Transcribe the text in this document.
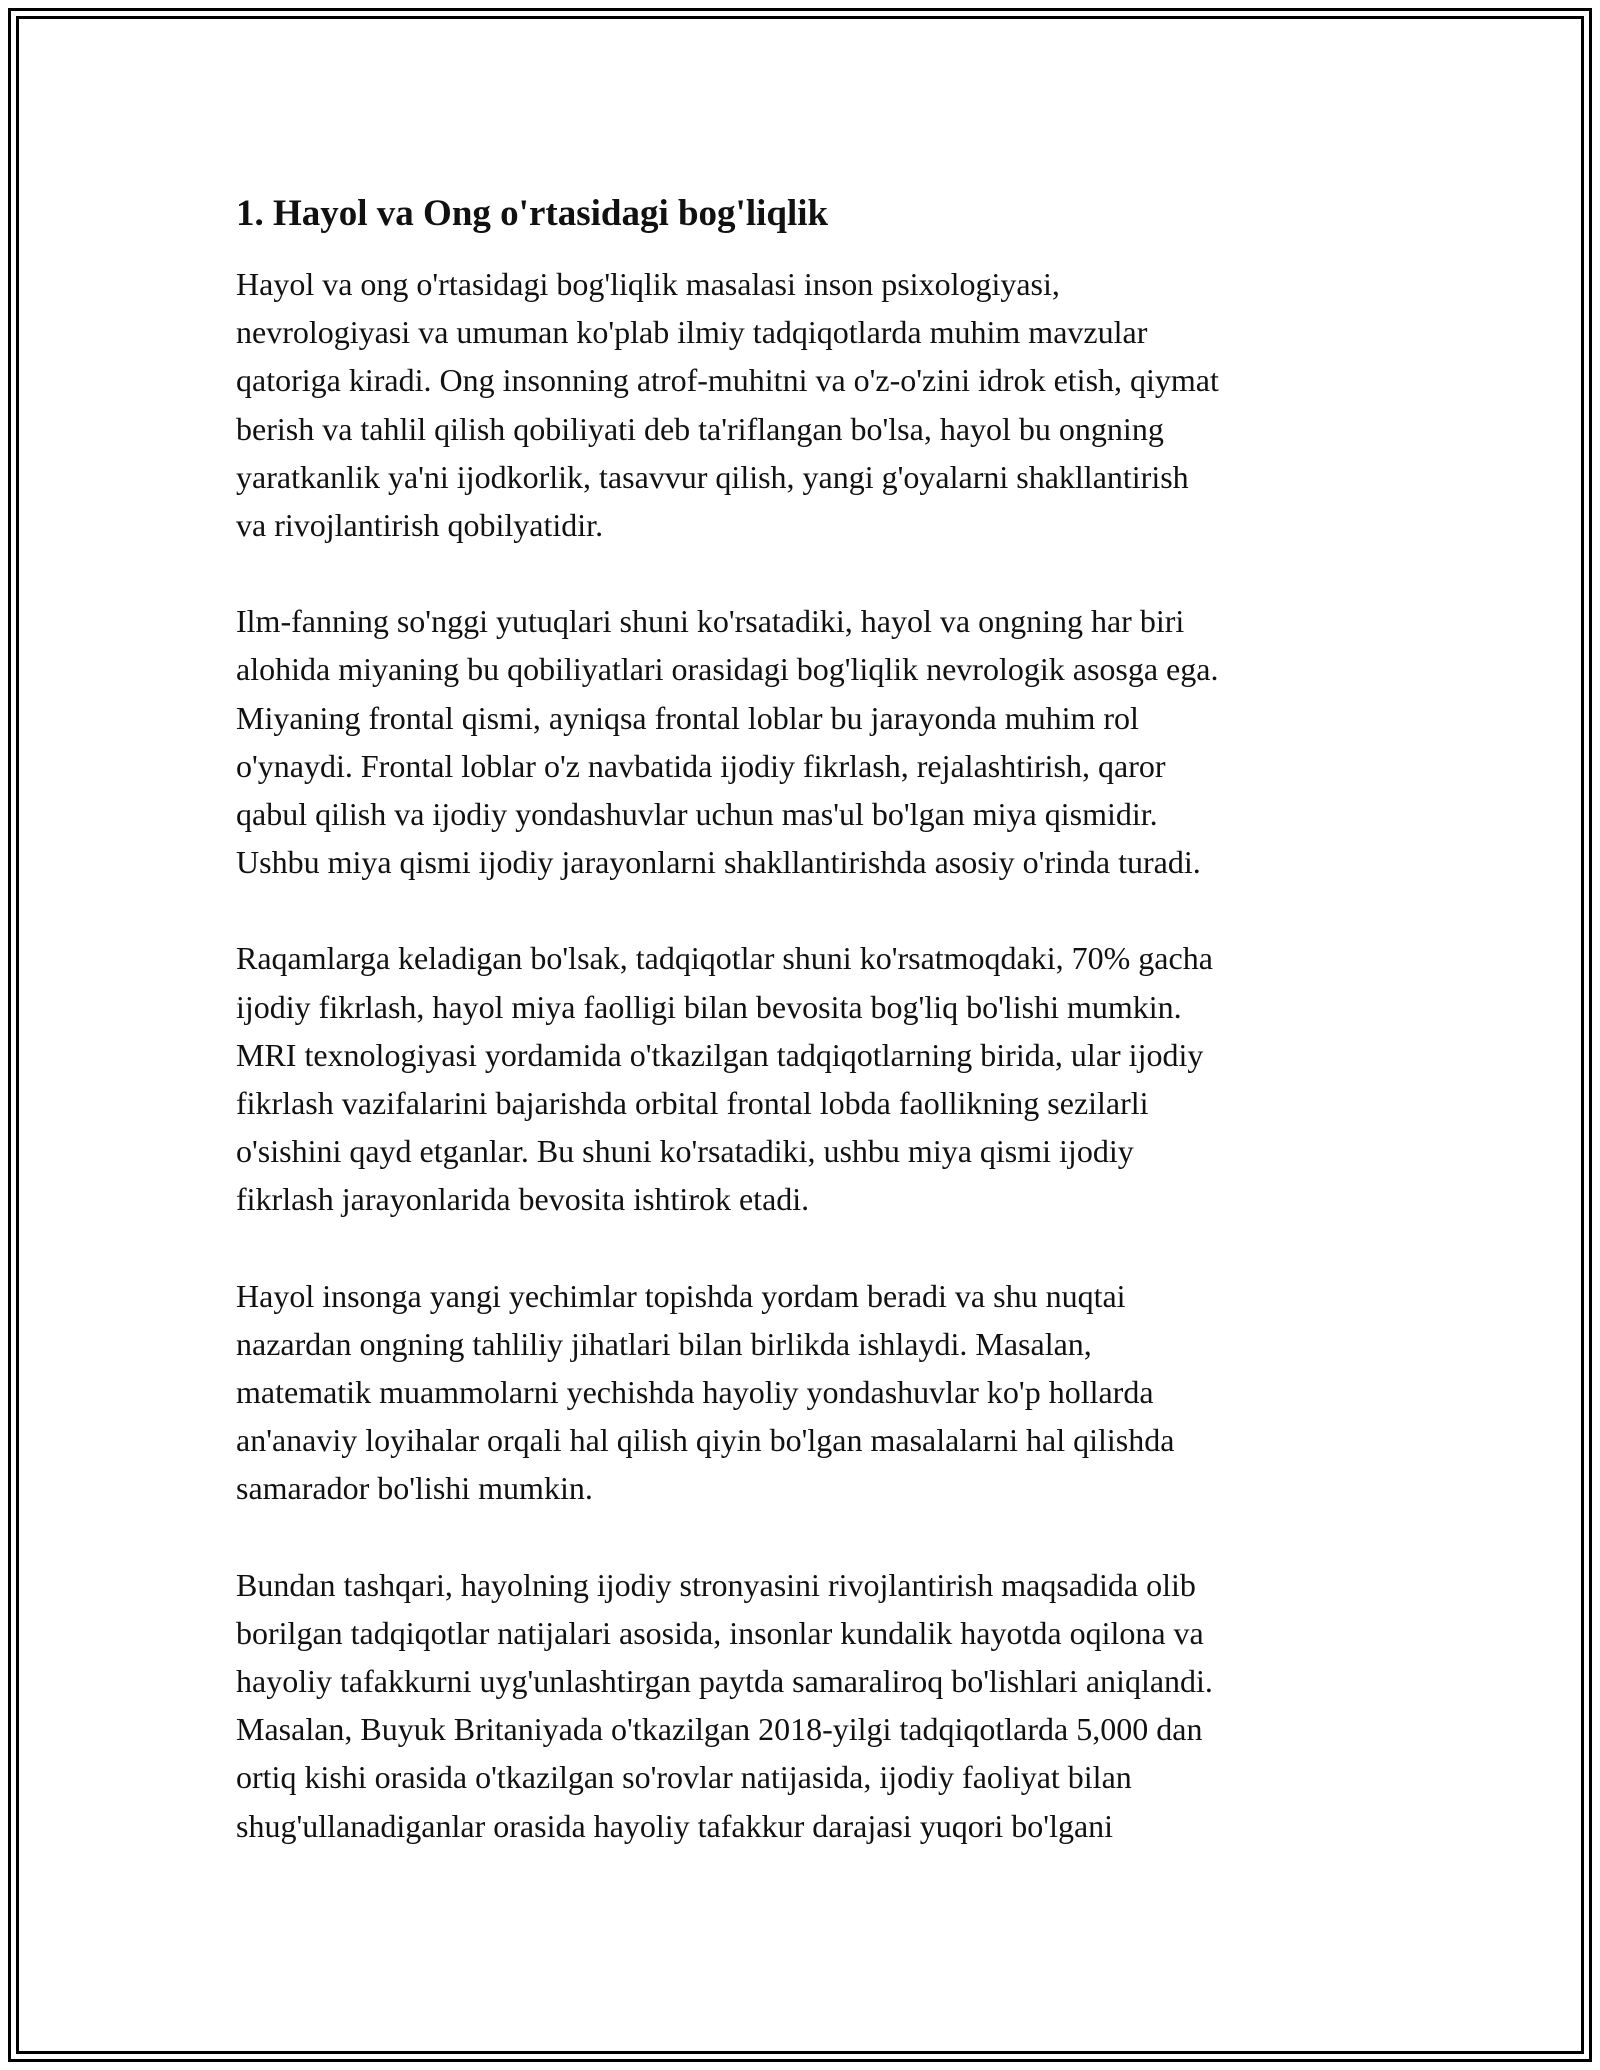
1. Hayol va Ong o'rtasidagi bog'liqlik

Hayol va ong o'rtasidagi bog'liqlik masalasi inson psixologiyasi,
nevrologiyasi va umuman ko'plab ilmiy tadqiqotlarda muhim mavzular
qatoriga kiradi. Ong insonning atrof-muhitni va o'z-o'zini idrok etish, qiymat
berish va tahlil qilish qobiliyati deb ta'riflangan bo'lsa, hayol bu ongning
yaratkanlik ya'ni ijodkorlik, tasavvur qilish, yangi g'oyalarni shakllantirish
va rivojlantirish qobilyatidir.

Ilm-fanning so'nggi yutuqlari shuni ko'rsatadiki, hayol va ongning har biri
alohida miyaning bu qobiliyatlari orasidagi bog'liqlik nevrologik asosga ega.
Miyaning frontal qismi, ayniqsa frontal loblar bu jarayonda muhim rol
o'ynaydi. Frontal loblar o'z navbatida ijodiy fikrlash, rejalashtirish, qaror
qabul qilish va ijodiy yondashuvlar uchun mas'ul bo'lgan miya qismidir.
Ushbu miya qismi ijodiy jarayonlarni shakllantirishda asosiy o'rinda turadi.

Raqamlarga keladigan bo'lsak, tadqiqotlar shuni ko'rsatmoqdaki, 70% gacha
ijodiy fikrlash, hayol miya faolligi bilan bevosita bog'liq bo'lishi mumkin.
MRI texnologiyasi yordamida o'tkazilgan tadqiqotlarning birida, ular ijodiy
fikrlash vazifalarini bajarishda orbital frontal lobda faollikning sezilarli
o'sishini qayd etganlar. Bu shuni ko'rsatadiki, ushbu miya qismi ijodiy
fikrlash jarayonlarida bevosita ishtirok etadi.

Hayol insonga yangi yechimlar topishda yordam beradi va shu nuqtai
nazardan ongning tahliliy jihatlari bilan birlikda ishlaydi. Masalan,
matematik muammolarni yechishda hayoliy yondashuvlar ko'p hollarda
an'anaviy loyihalar orqali hal qilish qiyin bo'lgan masalalarni hal qilishda
samarador bo'lishi mumkin.

Bundan tashqari, hayolning ijodiy stronyasini rivojlantirish maqsadida olib
borilgan tadqiqotlar natijalari asosida, insonlar kundalik hayotda oqilona va
hayoliy tafakkurni uyg'unlashtirgan paytda samaraliroq bo'lishlari aniqlandi.
Masalan, Buyuk Britaniyada o'tkazilgan 2018-yilgi tadqiqotlarda 5,000 dan
ortiq kishi orasida o'tkazilgan so'rovlar natijasida, ijodiy faoliyat bilan
shug'ullanadiganlar orasida hayoliy tafakkur darajasi yuqori bo'lgani
